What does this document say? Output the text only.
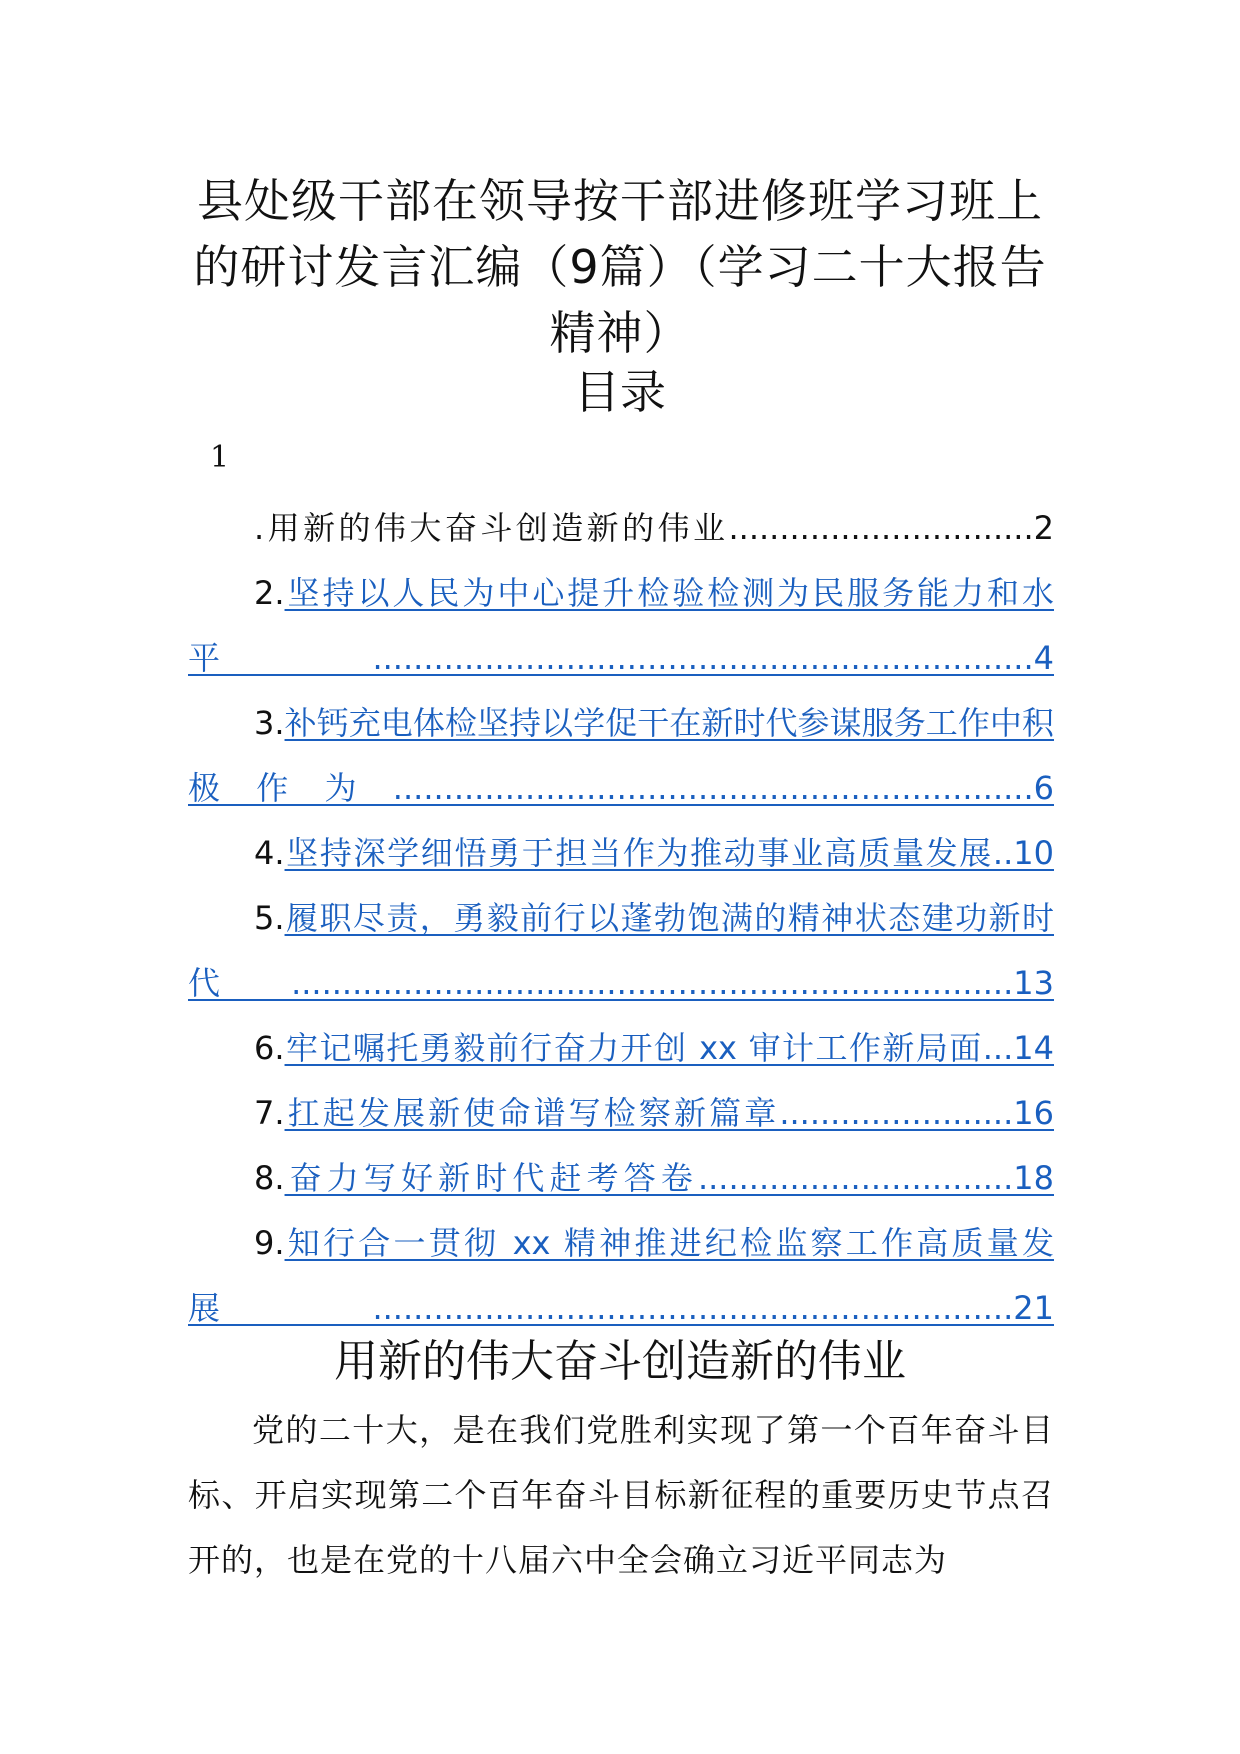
县处级干部在领导按干部进修班学习班上的研讨发言汇编（9篇）（学习二十大报告精神）
目录
1
.用新的伟大奋斗创造新的伟业..............................2
2.坚持以人民为中心提升检验检测为民服务能力和水平.................................................................4
3.补钙充电体检坚持以学促干在新时代参谋服务工作中积极作为...............................................................6
4.坚持深学细悟勇于担当作为推动事业高质量发展..10
5.履职尽责，勇毅前行以蓬勃饱满的精神状态建功新时代.......................................................................13
6.牢记嘱托勇毅前行奋力开创 xx 审计工作新局面...14
7.扛起发展新使命谱写检察新篇章.......................16
8.奋力写好新时代赶考答卷...............................18
9.知行合一贯彻 xx 精神推进纪检监察工作高质量发展...............................................................21
用新的伟大奋斗创造新的伟业
党的二十大，是在我们党胜利实现了第一个百年奋斗目标、开启实现第二个百年奋斗目标新征程的重要历史节点召开的，也是在党的十八届六中全会确立习近平同志为
